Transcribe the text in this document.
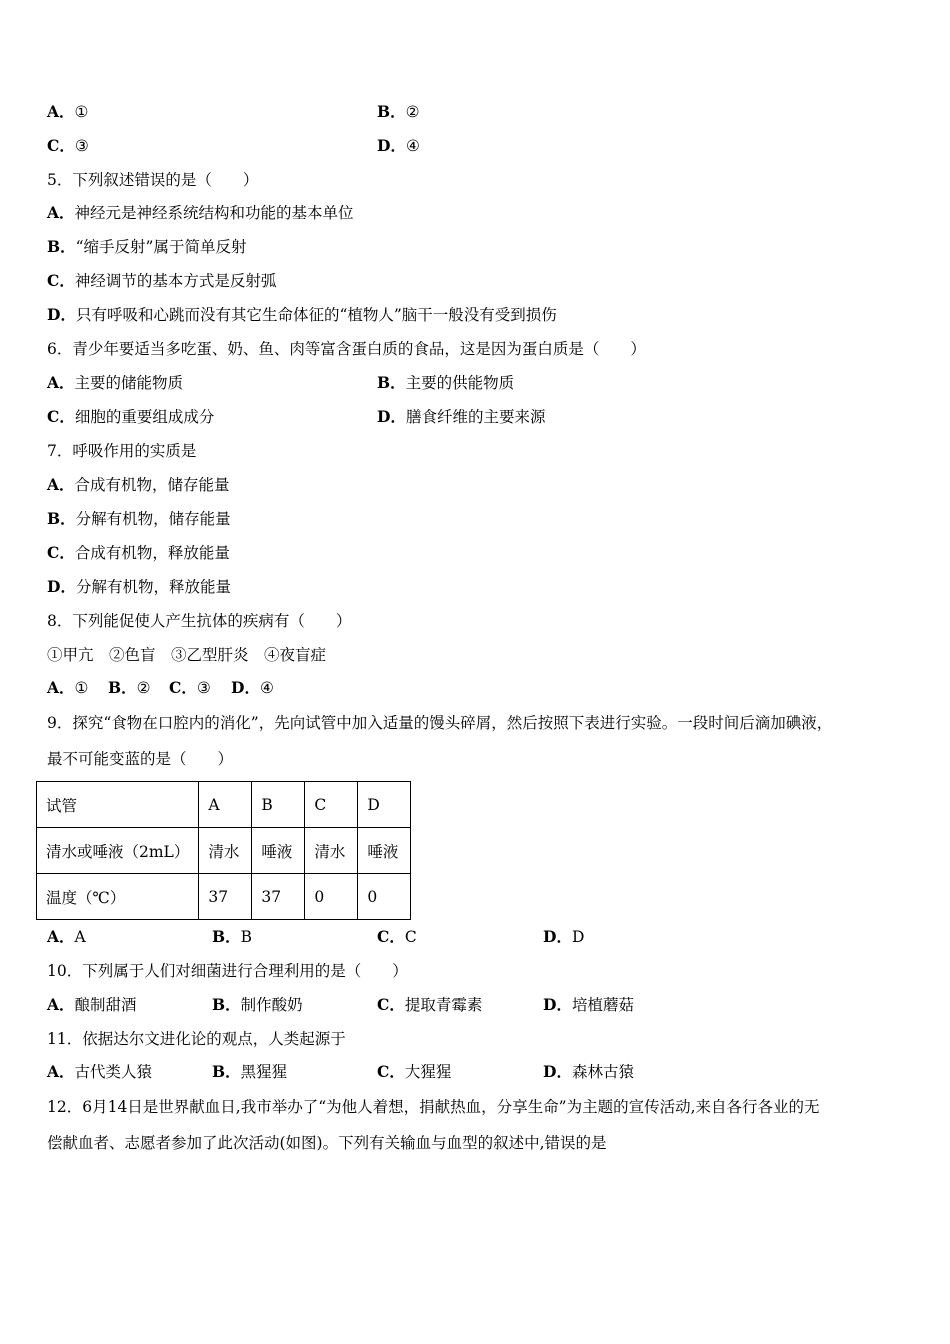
A．①	B．②
C．③	D．④
5．下列叙述错误的是（　　）
A．神经元是神经系统结构和功能的基本单位
B．“缩手反射”属于简单反射
C．神经调节的基本方式是反射弧
D．只有呼吸和心跳而没有其它生命体征的“植物人”脑干一般没有受到损伤
6．青少年要适当多吃蛋、奶、鱼、肉等富含蛋白质的食品，这是因为蛋白质是（　　）
A．主要的储能物质	B．主要的供能物质
C．细胞的重要组成成分	D．膳食纤维的主要来源
7．呼吸作用的实质是
A．合成有机物，储存能量
B．分解有机物，储存能量
C．合成有机物，释放能量
D．分解有机物，释放能量
8．下列能促使人产生抗体的疾病有（　　）
①甲亢　②色盲　③乙型肝炎　④夜盲症
A．① B．② C．③ D．④
9．探究“食物在口腔内的消化”，先向试管中加入适量的馒头碎屑，然后按照下表进行实验。一段时间后滴加碘液，
最不可能变蓝的是（　　）
试管	A	B	C	D
清水或唾液（2mL）	清水	唾液	清水	唾液
温度（℃）	37	37	0	0
A．A	B．B	C．C	D．D
10．下列属于人们对细菌进行合理利用的是（　　）
A．酿制甜酒	B．制作酸奶	C．提取青霉素	D．培植蘑菇
11．依据达尔文进化论的观点，人类起源于
A．古代类人猿	B．黑猩猩	C．大猩猩	D．森林古猿
12．6月14日是世界献血日,我市举办了“为他人着想，捐献热血，分享生命”为主题的宣传活动,来自各行各业的无
偿献血者、志愿者参加了此次活动(如图)。下列有关输血与血型的叙述中,错误的是
